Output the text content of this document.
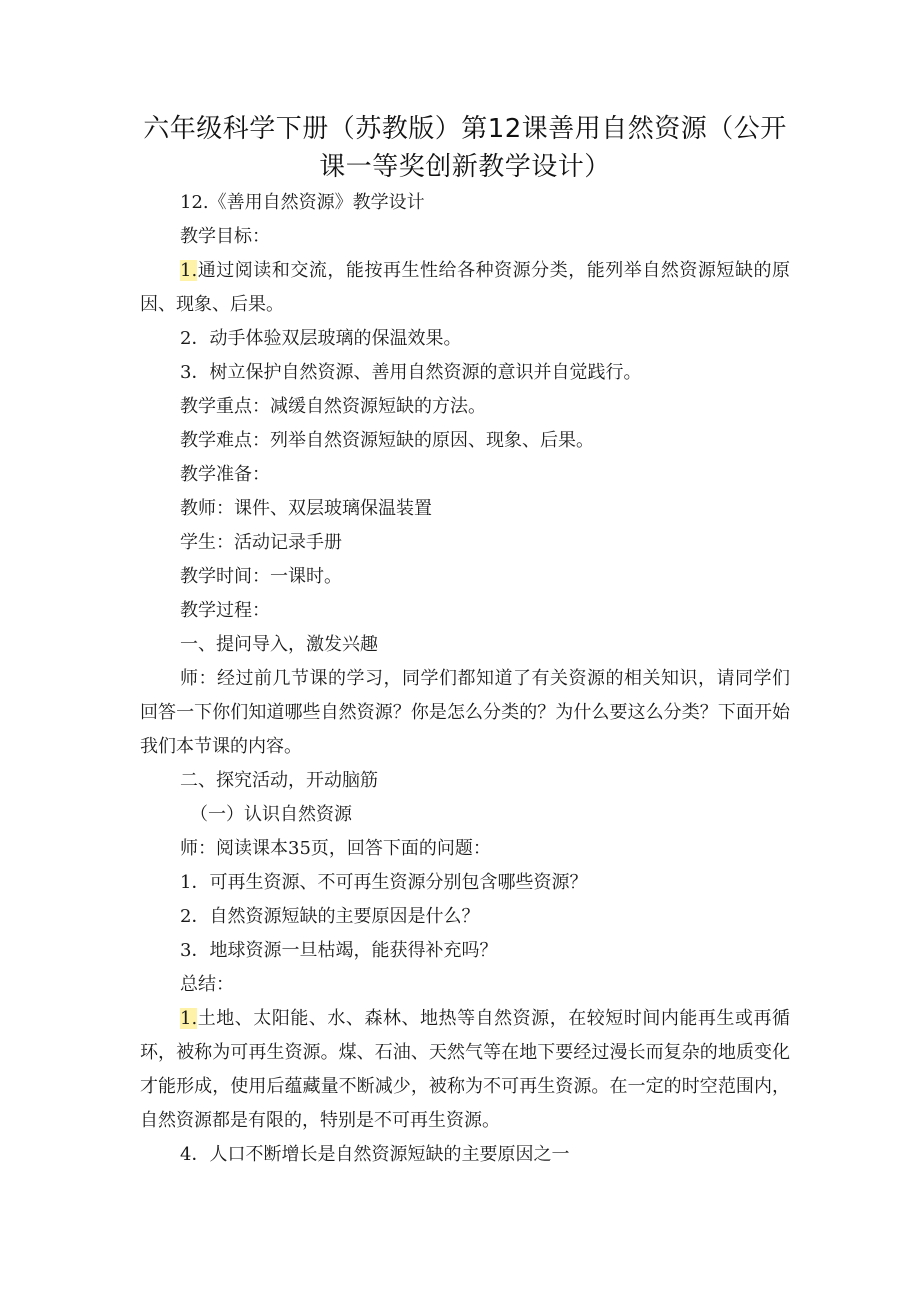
六年级科学下册（苏教版）第12课善用自然资源（公开课一等奖创新教学设计）

12.《善用自然资源》教学设计

教学目标：

1.通过阅读和交流，能按再生性给各种资源分类，能列举自然资源短缺的原因、现象、后果。

2．动手体验双层玻璃的保温效果。

3．树立保护自然资源、善用自然资源的意识并自觉践行。

教学重点：减缓自然资源短缺的方法。

教学难点：列举自然资源短缺的原因、现象、后果。

教学准备：

教师：课件、双层玻璃保温装置

学生：活动记录手册

教学时间：一课时。

教学过程：

一、提问导入，激发兴趣

师：经过前几节课的学习，同学们都知道了有关资源的相关知识，请同学们回答一下你们知道哪些自然资源？你是怎么分类的？为什么要这么分类？下面开始我们本节课的内容。

二、探究活动，开动脑筋

（一）认识自然资源

师：阅读课本35页，回答下面的问题：

1．可再生资源、不可再生资源分别包含哪些资源？

2．自然资源短缺的主要原因是什么？

3．地球资源一旦枯竭，能获得补充吗？

总结：

1.土地、太阳能、水、森林、地热等自然资源，在较短时间内能再生或再循环，被称为可再生资源。煤、石油、天然气等在地下要经过漫长而复杂的地质变化才能形成，使用后蕴藏量不断减少，被称为不可再生资源。在一定的时空范围内，自然资源都是有限的，特别是不可再生资源。

4．人口不断增长是自然资源短缺的主要原因之一
